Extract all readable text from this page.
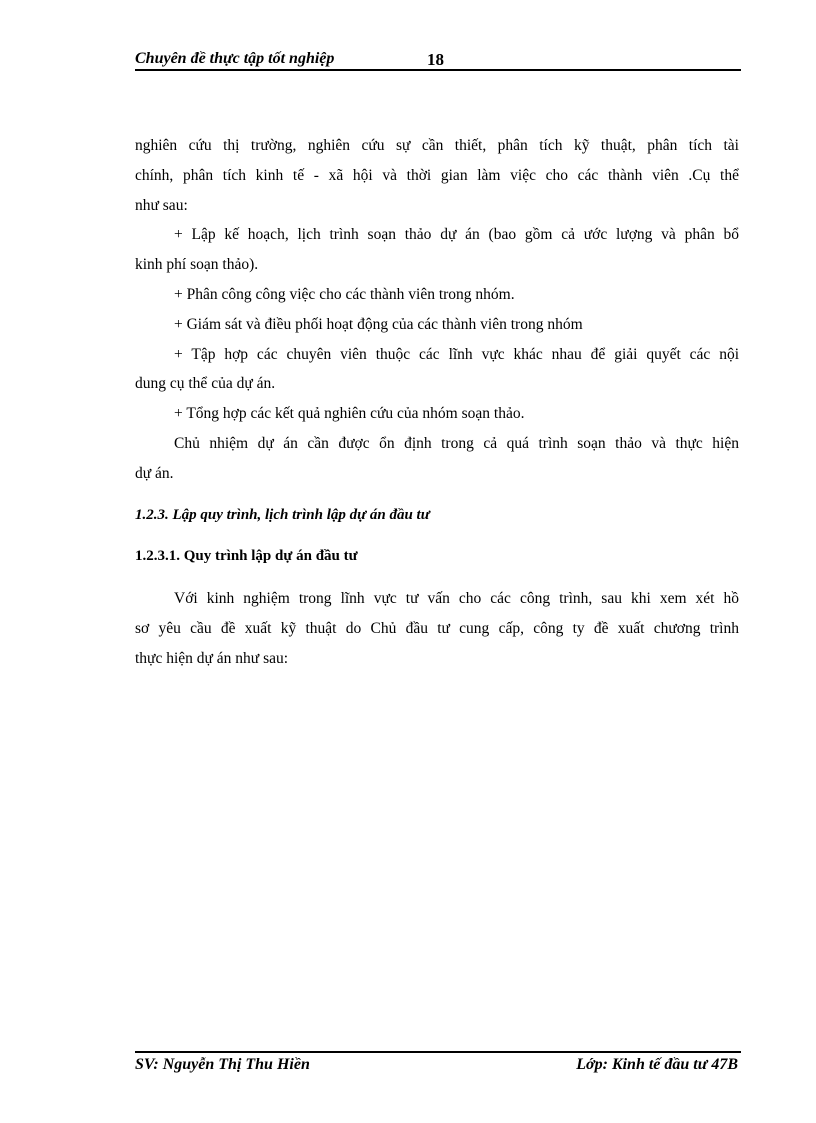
Chuyên đề thực tập tốt nghiệp	18
nghiên cứu thị trường, nghiên cứu sự cần thiết, phân tích kỹ thuật, phân tích tài
chính, phân tích kinh tế - xã hội và thời gian làm việc cho các thành viên .Cụ thể
như sau:
+ Lập kế hoạch, lịch trình soạn thảo dự án (bao gồm cả ước lượng và phân bổ
kinh phí soạn thảo).
+ Phân công công việc cho các thành viên trong nhóm.
+ Giám sát và điều phối hoạt động của các thành viên trong nhóm
+ Tập hợp các chuyên viên thuộc các lĩnh vực khác nhau để giải quyết các nội
dung cụ thể của dự án.
+ Tổng hợp các kết quả nghiên cứu của nhóm soạn thảo.
Chủ nhiệm dự án cần được ổn định trong cả quá trình soạn thảo và thực hiện
dự án.
1.2.3. Lập quy trình, lịch trình lập dự án đầu tư
1.2.3.1. Quy trình lập dự án đầu tư
Với kinh nghiệm trong lĩnh vực tư vấn cho các công trình, sau khi xem xét hồ
sơ yêu cầu đề xuất kỹ thuật do Chủ đầu tư cung cấp, công ty đề xuất chương trình
thực hiện dự án như sau:
SV: Nguyễn Thị Thu Hiền	Lớp: Kinh tế đầu tư 47B
